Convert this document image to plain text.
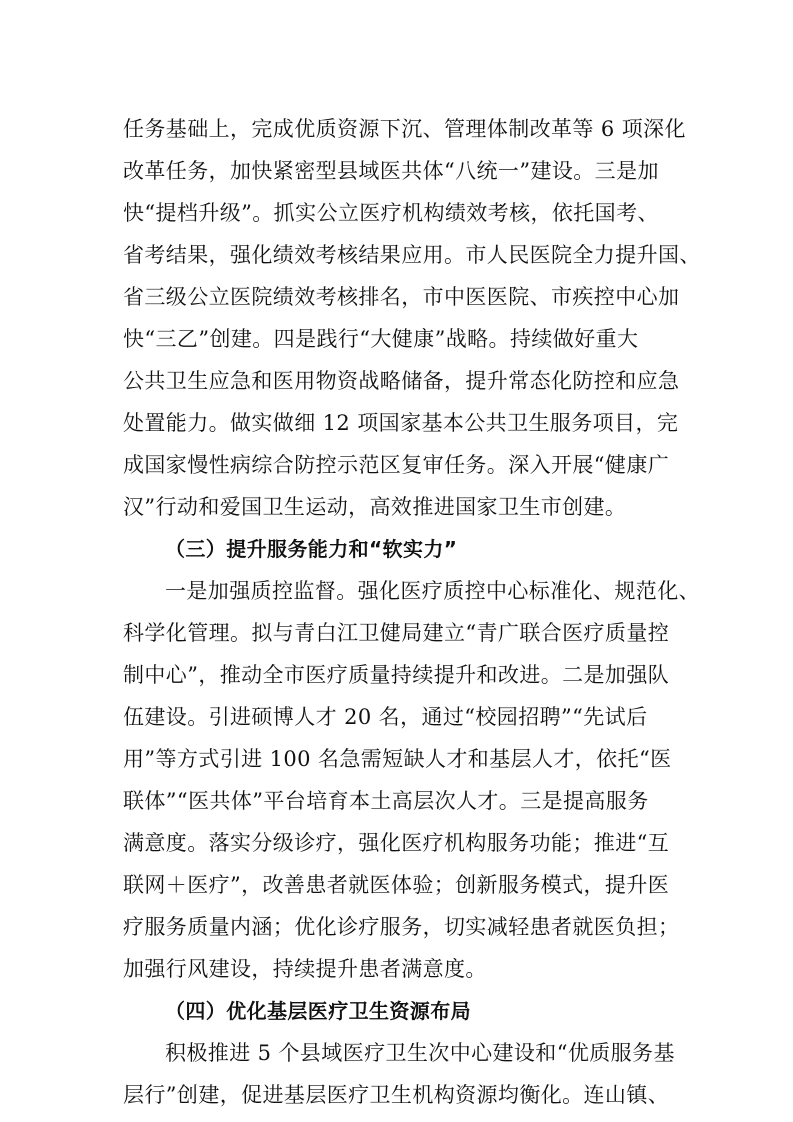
任务基础上，完成优质资源下沉、管理体制改革等 6 项深化
改革任务，加快紧密型县域医共体“八统一”建设。三是加
快“提档升级”。抓实公立医疗机构绩效考核，依托国考、
省考结果，强化绩效考核结果应用。市人民医院全力提升国、
省三级公立医院绩效考核排名，市中医医院、市疾控中心加
快“三乙”创建。四是践行“大健康”战略。持续做好重大
公共卫生应急和医用物资战略储备，提升常态化防控和应急
处置能力。做实做细 12 项国家基本公共卫生服务项目，完
成国家慢性病综合防控示范区复审任务。深入开展“健康广
汉”行动和爱国卫生运动，高效推进国家卫生市创建。
（三）提升服务能力和“软实力”
一是加强质控监督。强化医疗质控中心标准化、规范化、
科学化管理。拟与青白江卫健局建立“青广联合医疗质量控
制中心”，推动全市医疗质量持续提升和改进。二是加强队
伍建设。引进硕博人才 20 名，通过“校园招聘”“先试后
用”等方式引进 100 名急需短缺人才和基层人才，依托“医
联体”“医共体”平台培育本土高层次人才。三是提高服务
满意度。落实分级诊疗，强化医疗机构服务功能；推进“互
联网＋医疗”，改善患者就医体验；创新服务模式，提升医
疗服务质量内涵；优化诊疗服务，切实减轻患者就医负担；
加强行风建设，持续提升患者满意度。
（四）优化基层医疗卫生资源布局
积极推进 5 个县域医疗卫生次中心建设和“优质服务基
层行”创建，促进基层医疗卫生机构资源均衡化。连山镇、
